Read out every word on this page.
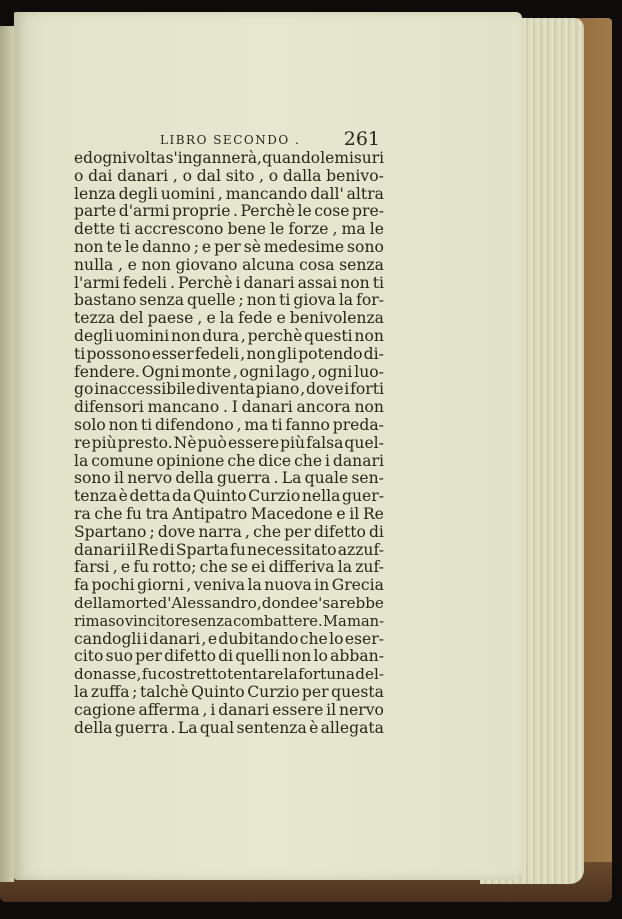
LIBRO SECONDO . 261
ed ogni volta s'ingannerà, quando le misuri
o dai danari , o dal sito , o dalla benivo-
lenza degli uomini , mancando dall' altra
parte d'armi proprie . Perchè le cose pre-
dette ti accrescono bene le forze , ma le
non te le danno ; e per sè medesime sono
nulla , e non giovano alcuna cosa senza
l'armi fedeli . Perchè i danari assai non ti
bastano senza quelle ; non ti giova la for-
tezza del paese , e la fede e benivolenza
degli uomini non dura , perchè questi non
ti possono esser fedeli , non gli potendo di-
fendere. Ogni monte , ogni lago , ogni luo-
go inaccessibile diventa piano , dove i forti
difensori mancano . I danari ancora non
solo non ti difendono , ma ti fanno preda-
re più presto. Nè può essere più falsa quel-
la comune opinione che dice che i danari
sono il nervo della guerra . La quale sen-
tenza è detta da Quinto Curzio nella guer-
ra che fu tra Antipatro Macedone e il Re
Spartano ; dove narra , che per difetto di
danari il Re di Sparta fu necessitato azzuf-
farsi , e fu rotto; che se ei differiva la zuf-
fa pochi giorni , veniva la nuova in Grecia
della morte d'Alessandro , donde e' sarebbe
rimaso vincitore senza combattere. Ma man-
candogli i danari , e dubitando che lo eser-
cito suo per difetto di quelli non lo abban-
donasse , fu costretto tentare la fortuna del-
la zuffa ; talchè Quinto Curzio per questa
cagione afferma , i danari essere il nervo
della guerra . La qual sentenza è allegata
